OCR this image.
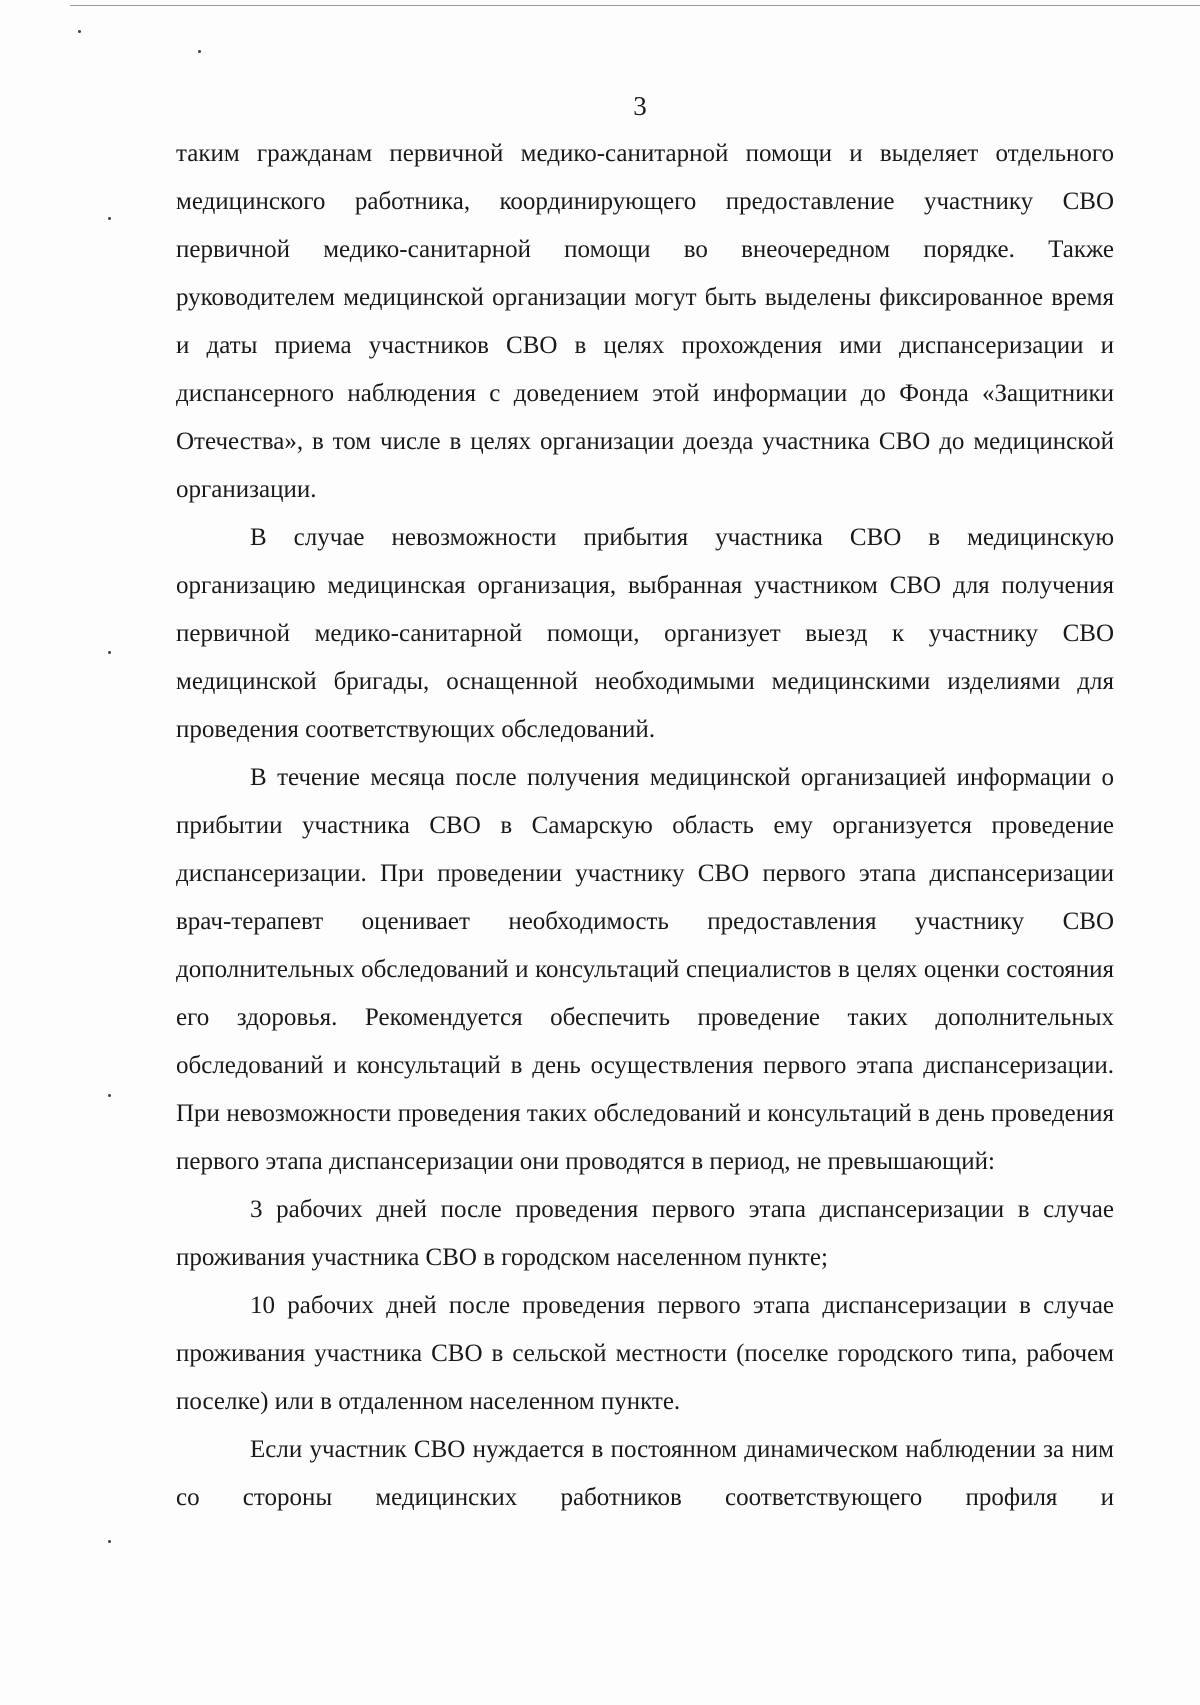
3

таким гражданам первичной медико-санитарной помощи и выделяет отдельного медицинского работника, координирующего предоставление участнику СВО первичной медико-санитарной помощи во внеочередном порядке. Также руководителем медицинской организации могут быть выделены фиксированное время и даты приема участников СВО в целях прохождения ими диспансеризации и диспансерного наблюдения с доведением этой информации до Фонда «Защитники Отечества», в том числе в целях организации доезда участника СВО до медицинской организации.

В случае невозможности прибытия участника СВО в медицинскую организацию медицинская организация, выбранная участником СВО для получения первичной медико-санитарной помощи, организует выезд к участнику СВО медицинской бригады, оснащенной необходимыми медицинскими изделиями для проведения соответствующих обследований.

В течение месяца после получения медицинской организацией информации о прибытии участника СВО в Самарскую область ему организуется проведение диспансеризации. При проведении участнику СВО первого этапа диспансеризации врач-терапевт оценивает необходимость предоставления участнику СВО дополнительных обследований и консультаций специалистов в целях оценки состояния его здоровья. Рекомендуется обеспечить проведение таких дополнительных обследований и консультаций в день осуществления первого этапа диспансеризации. При невозможности проведения таких обследований и консультаций в день проведения первого этапа диспансеризации они проводятся в период, не превышающий:

3 рабочих дней после проведения первого этапа диспансеризации в случае проживания участника СВО в городском населенном пункте;

10 рабочих дней после проведения первого этапа диспансеризации в случае проживания участника СВО в сельской местности (поселке городского типа, рабочем поселке) или в отдаленном населенном пункте.

Если участник СВО нуждается в постоянном динамическом наблюдении за ним со стороны медицинских работников соответствующего профиля и
